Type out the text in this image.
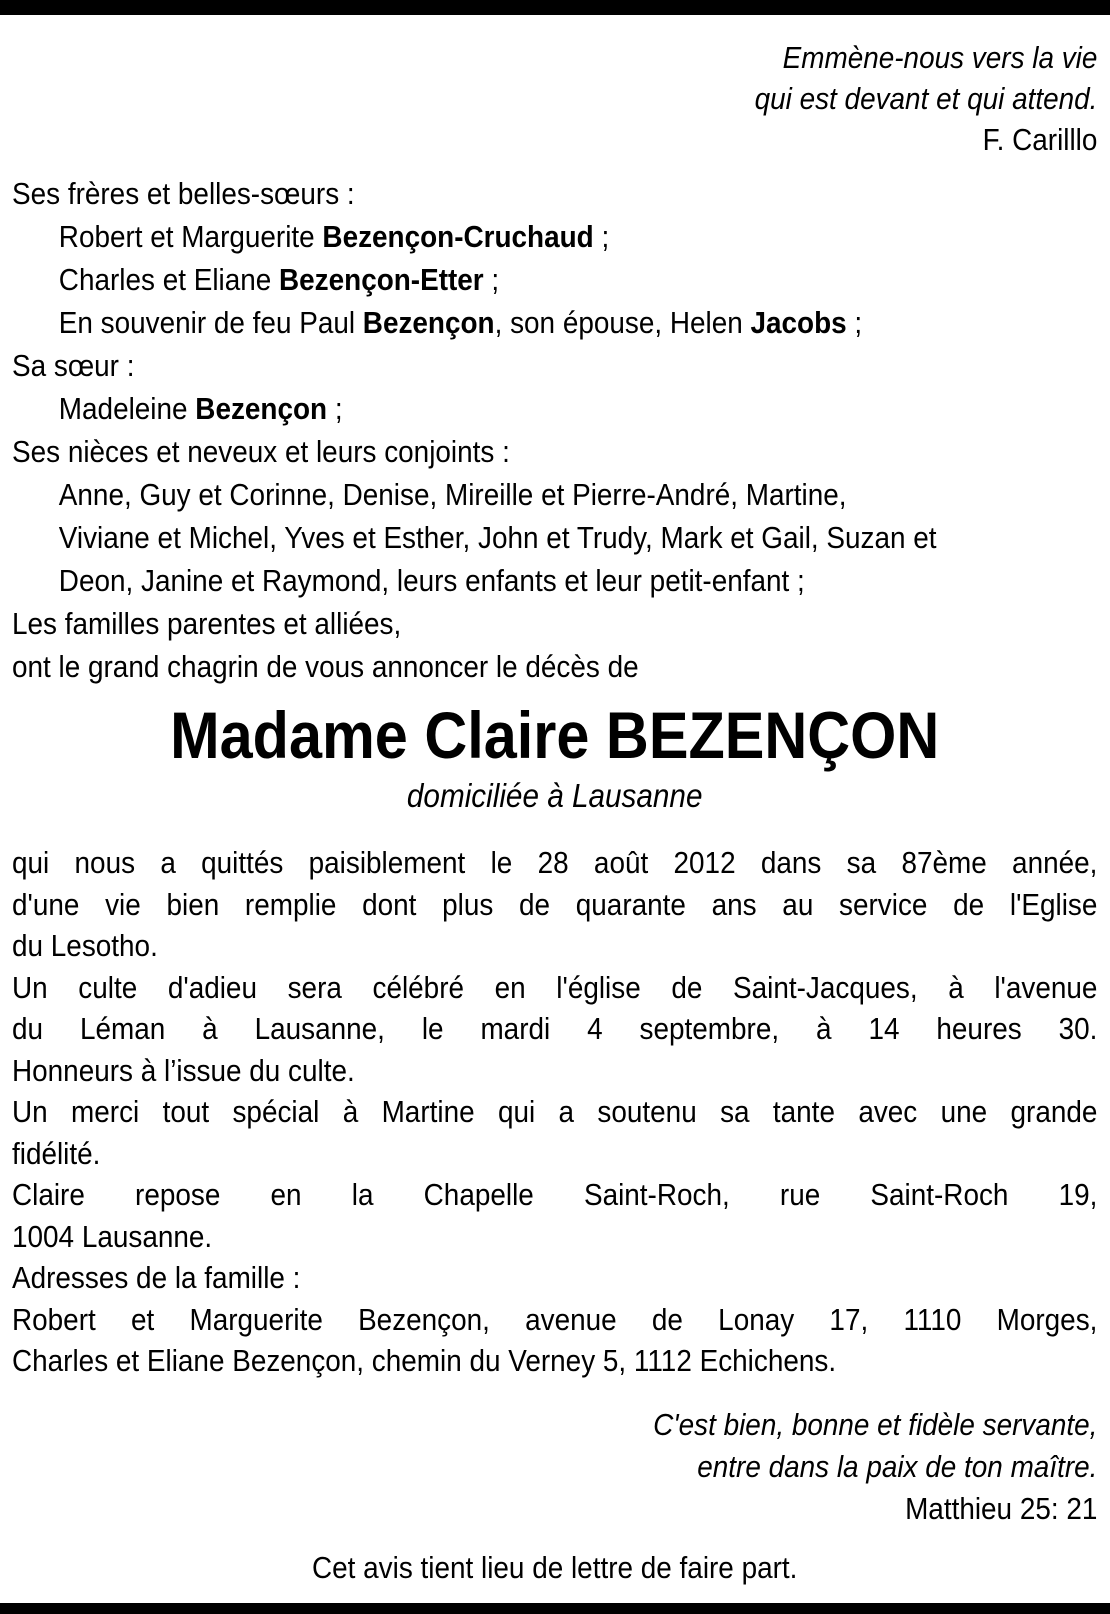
Emmène-nous vers la vie
qui est devant et qui attend.
F. Carilllo
Ses frères et belles-sœurs :
Robert et Marguerite Bezençon-Cruchaud ;
Charles et Eliane Bezençon-Etter ;
En souvenir de feu Paul Bezençon, son épouse, Helen Jacobs ;
Sa sœur :
Madeleine Bezençon ;
Ses nièces et neveux et leurs conjoints :
Anne, Guy et Corinne, Denise, Mireille et Pierre-André, Martine,
Viviane et Michel, Yves et Esther, John et Trudy, Mark et Gail, Suzan et
Deon, Janine et Raymond, leurs enfants et leur petit-enfant ;
Les familles parentes et alliées,
ont le grand chagrin de vous annoncer le décès de
Madame Claire BEZENÇON
domiciliée à Lausanne
qui nous a quittés paisiblement le 28 août 2012 dans sa 87ème année,
d'une vie bien remplie dont plus de quarante ans au service de l'Eglise
du Lesotho.
Un culte d'adieu sera célébré en l'église de Saint-Jacques, à l'avenue
du Léman à Lausanne, le mardi 4 septembre, à 14 heures 30.
Honneurs à l’issue du culte.
Un merci tout spécial à Martine qui a soutenu sa tante avec une grande
fidélité.
Claire repose en la Chapelle Saint-Roch, rue Saint-Roch 19,
1004 Lausanne.
Adresses de la famille :
Robert et Marguerite Bezençon, avenue de Lonay 17, 1110 Morges,
Charles et Eliane Bezençon, chemin du Verney 5, 1112 Echichens.
C'est bien, bonne et fidèle servante,
entre dans la paix de ton maître.
Matthieu 25: 21
Cet avis tient lieu de lettre de faire part.
